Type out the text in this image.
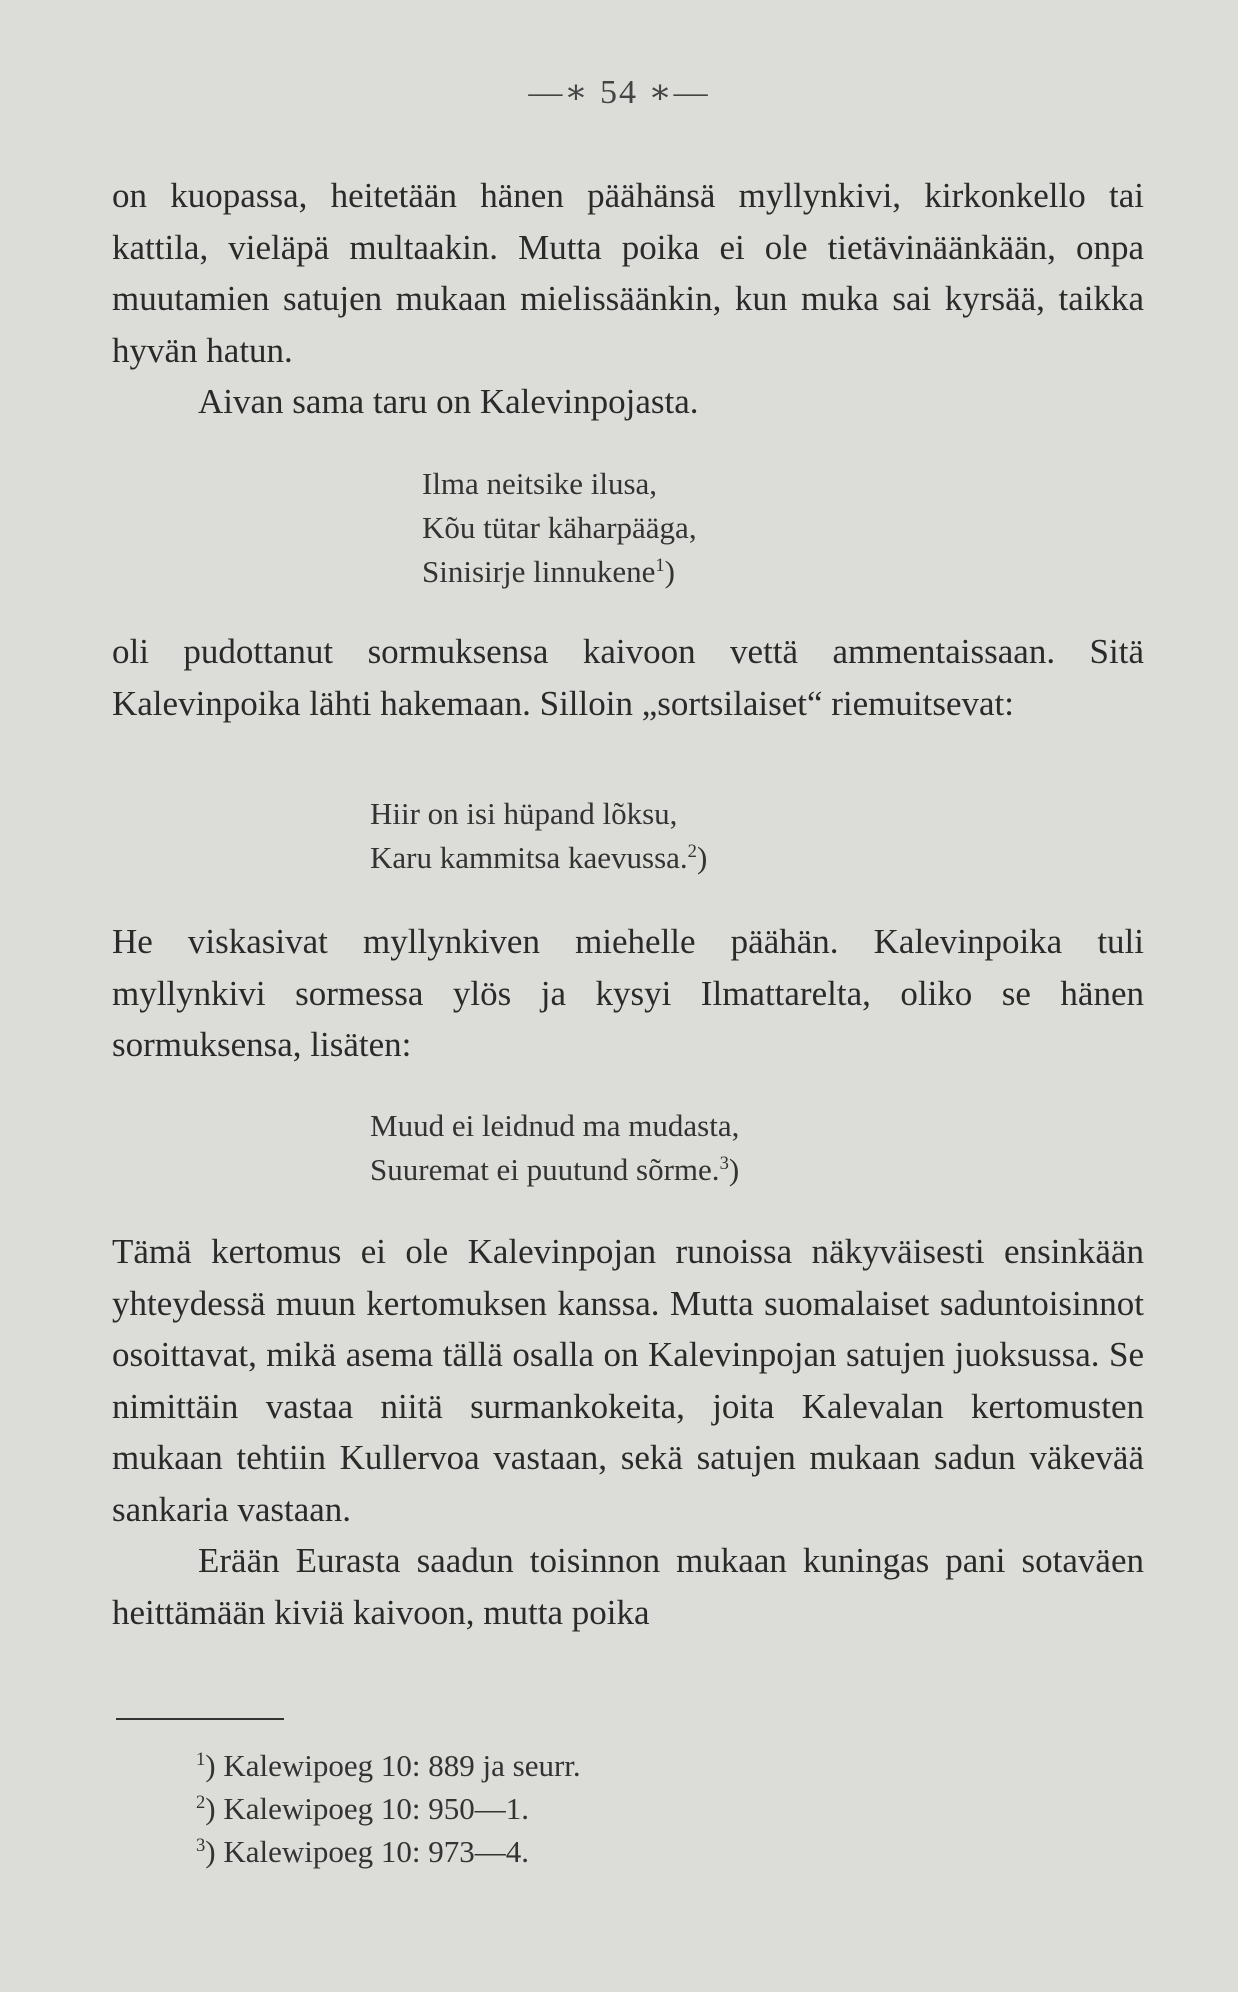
—∗ 54 ∗—

on kuopassa, heitetään hänen päähänsä myllynkivi, kirkonkello tai kattila, vieläpä multaakin. Mutta poika ei ole tietävinäänkään, onpa muutamien satujen mukaan mielissäänkin, kun muka sai kyrsää, taikka hyvän hatun.

Aivan sama taru on Kalevinpojasta.

Ilma neitsike ilusa,
Kõu tütar käharpääga,
Sinisirje linnukene$^1$)

oli pudottanut sormuksensa kaivoon vettä ammentaissaan. Sitä Kalevinpoika lähti hakemaan. Silloin „sortsilaiset“ riemuitsevat:

Hiir on isi hüpand lõksu,
Karu kammitsa kaevussa.$^2$)

He viskasivat myllynkiven miehelle päähän. Kalevinpoika tuli myllynkivi sormessa ylös ja kysyi Ilmattarelta, oliko se hänen sormuksensa, lisäten:

Muud ei leidnud ma mudasta,
Suuremat ei puutund sõrme.$^3$)

Tämä kertomus ei ole Kalevinpojan runoissa näkyväisesti ensinkään yhteydessä muun kertomuksen kanssa. Mutta suomalaiset saduntoisinnot osoittavat, mikä asema tällä osalla on Kalevinpojan satujen juoksussa. Se nimittäin vastaa niitä surmankokeita, joita Kalevalan kertomusten mukaan tehtiin Kullervoa vastaan, sekä satujen mukaan sadun väkevää sankaria vastaan.

Erään Eurasta saadun toisinnon mukaan kuningas pani sotaväen heittämään kiviä kaivoon, mutta poika

$^1$) Kalewipoeg 10: 889 ja seurr.
$^2$) Kalewipoeg 10: 950—1.
$^3$) Kalewipoeg 10: 973—4.
